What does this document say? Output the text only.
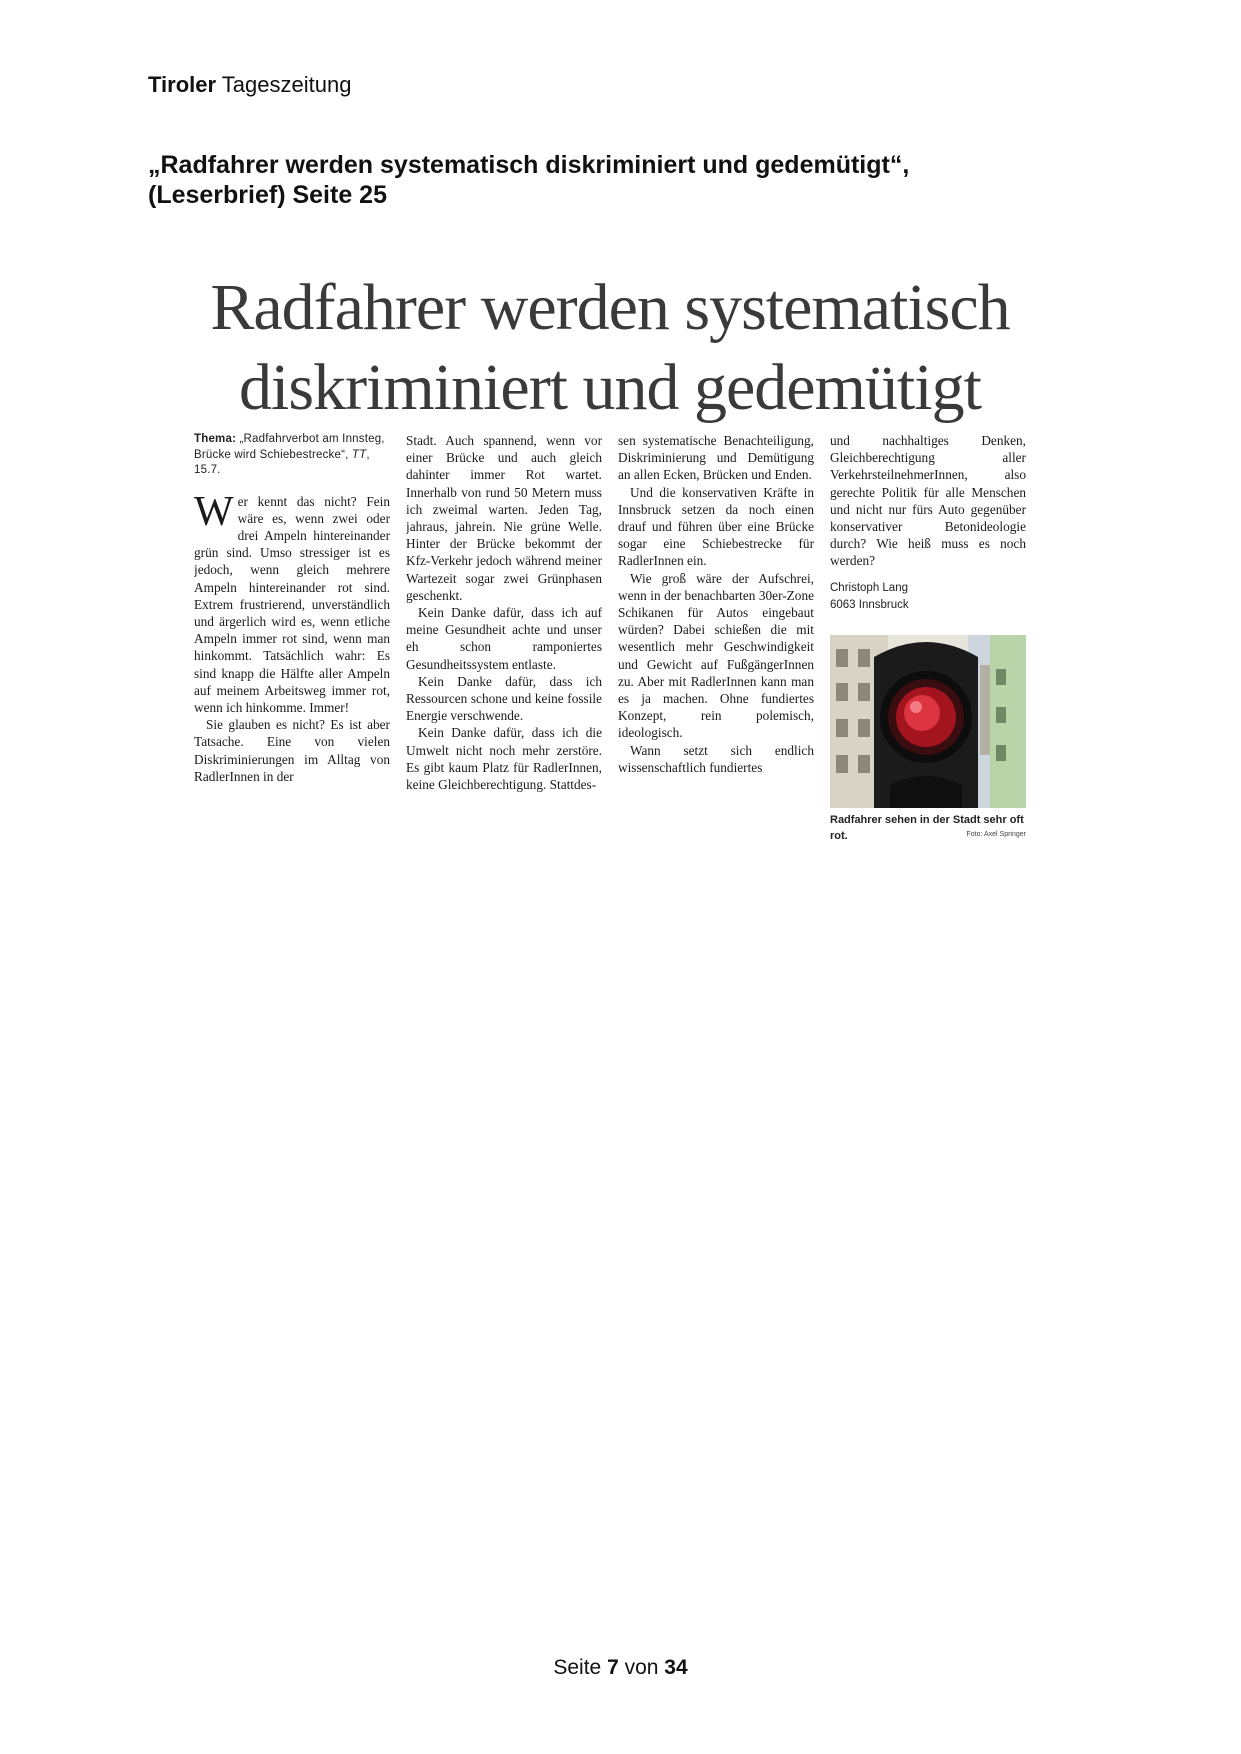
Tiroler Tageszeitung
„Radfahrer werden systematisch diskriminiert und gedemütigt“,
(Leserbrief) Seite 25
Radfahrer werden systematisch
diskriminiert und gedemütigt
Thema: „Radfahrverbot am Innsteg, Brücke wird Schiebestrecke“, TT, 15.7.

Wer kennt das nicht? Fein wäre es, wenn zwei oder drei Ampeln hintereinander grün sind. Umso stressiger ist es jedoch, wenn gleich mehrere Ampeln hintereinander rot sind. Extrem frustrierend, unverständlich und ärgerlich wird es, wenn etliche Ampeln immer rot sind, wenn man hinkommt. Tatsächlich wahr: Es sind knapp die Hälfte aller Ampeln auf meinem Arbeitsweg immer rot, wenn ich hinkomme. Immer!

Sie glauben es nicht? Es ist aber Tatsache. Eine von vielen Diskriminierungen im Alltag von RadlerInnen in der

Stadt. Auch spannend, wenn vor einer Brücke und auch gleich dahinter immer Rot wartet. Innerhalb von rund 50 Metern muss ich zweimal warten. Jeden Tag, jahraus, jahrein. Nie grüne Welle. Hinter der Brücke bekommt der Kfz-Verkehr jedoch während meiner Wartezeit sogar zwei Grünphasen geschenkt.

Kein Danke dafür, dass ich auf meine Gesundheit achte und unser eh schon ramponiertes Gesundheitssystem entlaste.

Kein Danke dafür, dass ich Ressourcen schone und keine fossile Energie verschwende.

Kein Danke dafür, dass ich die Umwelt nicht noch mehr zerstöre. Es gibt kaum Platz für RadlerInnen, keine Gleichberechtigung. Stattdes-

sen systematische Benachteiligung, Diskriminierung und Demütigung an allen Ecken, Brücken und Enden.

Und die konservativen Kräfte in Innsbruck setzen da noch einen drauf und führen über eine Brücke sogar eine Schiebestrecke für RadlerInnen ein.

Wie groß wäre der Aufschrei, wenn in der benachbarten 30er-Zone Schikanen für Autos eingebaut würden? Dabei schießen die mit wesentlich mehr Geschwindigkeit und Gewicht auf FußgängerInnen zu. Aber mit RadlerInnen kann man es ja machen. Ohne fundiertes Konzept, rein polemisch, ideologisch.

Wann setzt sich endlich wissenschaftlich fundiertes

und nachhaltiges Denken, Gleichberechtigung aller VerkehrsteilnehmerInnen, also gerechte Politik für alle Menschen und nicht nur fürs Auto gegenüber konservativer Betonideologie durch? Wie heiß muss es noch werden?

Christoph Lang
6063 Innsbruck
Radfahrer sehen in der Stadt sehr oft rot.	Foto: Axel Springer
Seite 7 von 34
